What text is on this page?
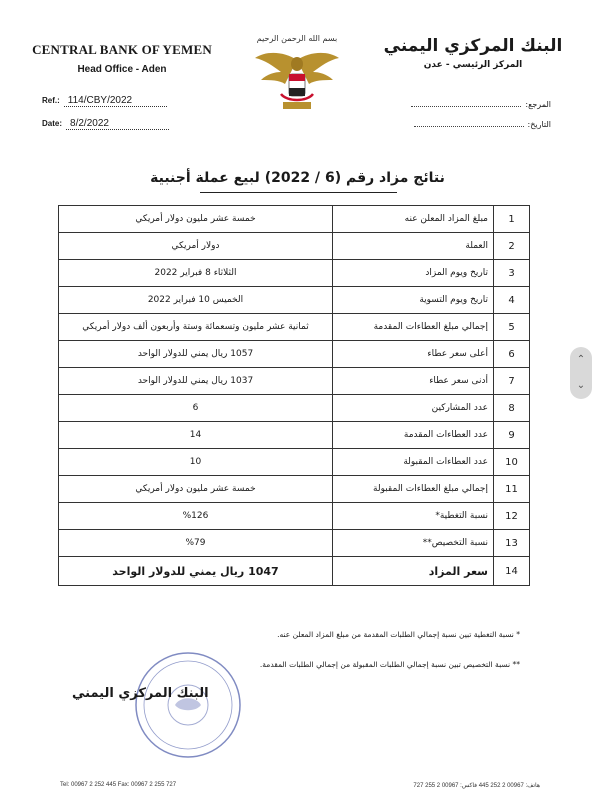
CENTRAL BANK OF YEMEN
Head Office - Aden
Ref.: 114/CBY/2022
Date: 8/2/2022
بسم الله الرحمن الرحيم	البنك المركزي اليمني
المركز الرئيسي - عدن
المرجع:
التاريخ:
نتائج مزاد رقم (6 / 2022) لبيع عملة أجنبية
1	مبلغ المزاد المعلن عنه	خمسة عشر مليون دولار أمريكي
2	العملة	دولار أمريكي
3	تاريخ ويوم المزاد	الثلاثاء 8 فبراير 2022
4	تاريخ ويوم التسوية	الخميس 10 فبراير 2022
5	إجمالي مبلغ العطاءات المقدمة	ثمانية عشر مليون وتسعمائة وستة وأربعون ألف دولار أمريكي
6	أعلى سعر عطاء	1057 ريال يمني للدولار الواحد
7	أدنى سعر عطاء	1037 ريال يمني للدولار الواحد
8	عدد المشاركين	6
9	عدد العطاءات المقدمة	14
10	عدد العطاءات المقبولة	10
11	إجمالي مبلغ العطاءات المقبولة	خمسة عشر مليون دولار أمريكي
12	نسبة التغطية*	%126
13	نسبة التخصيص**	%79
14	سعر المزاد	1047 ريال يمني للدولار الواحد
* نسبة التغطية تبين نسبة إجمالي الطلبات المقدمة من مبلغ المزاد المعلن عنه.
** نسبة التخصيص تبين نسبة إجمالي الطلبات المقبولة من إجمالي الطلبات المقدمة.
البنك المركزي اليمني
Tel: 00967 2 252 445 Fax: 00967 2 255 727	هاتف: 00967 2 252 445 فاكس: 00967 2 255 727
⌃
⌄
